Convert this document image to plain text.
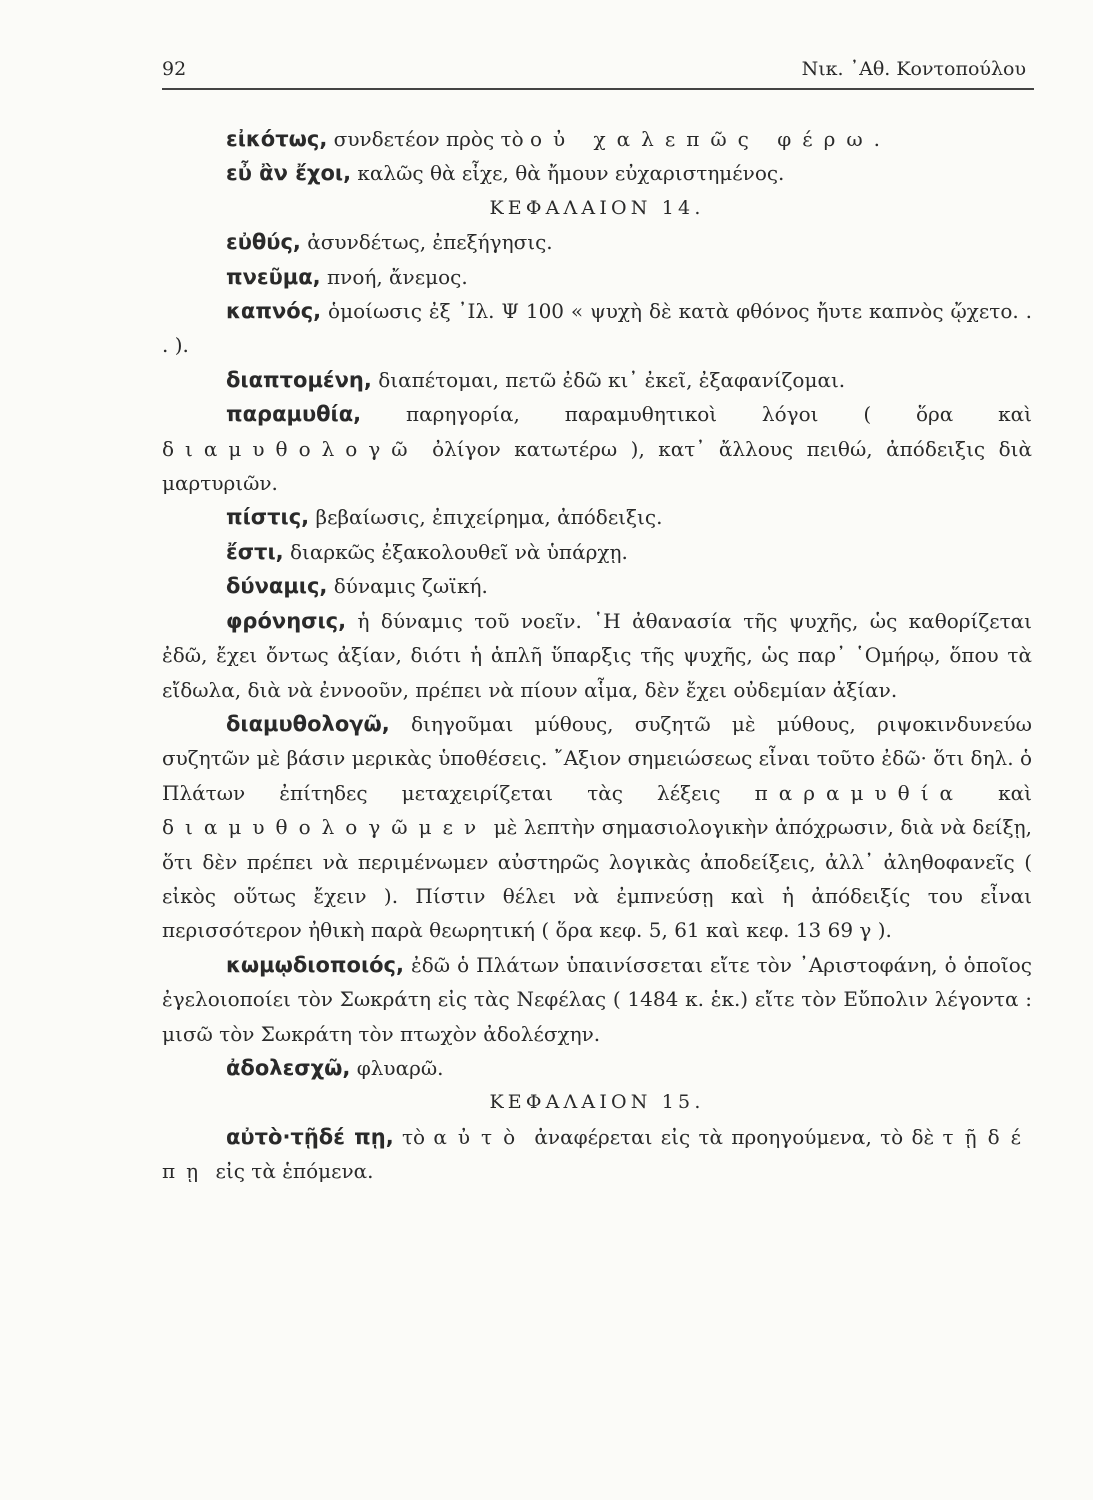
92	Νικ. ᾿Αθ. Κοντοπούλου

εἰκότως, συνδετέον πρὸς τὸ οὐ χαλεπῶς φέρω.

εὖ ἂν ἔχοι, καλῶς θὰ εἶχε, θὰ ἤμουν εὐχαριστημένος.

ΚΕΦΑΛΑΙΟΝ 14.

εὐθύς, ἀσυνδέτως, ἐπεξήγησις.

πνεῦμα, πνοή, ἄνεμος.

καπνός, ὁμοίωσις ἐξ ᾿Ιλ. Ψ 100 « ψυχὴ δὲ κατὰ φθόνος ἤυτε καπνὸς ᾤχετο. . . ).

διαπτομένη, διαπέτομαι, πετῶ ἐδῶ κι᾿ ἐκεῖ, ἐξαφανίζομαι.

παραμυθία, παρηγορία, παραμυθητικοὶ λόγοι ( ὅρα καὶ διαμυθολογῶ ὀλίγον κατωτέρω ), κατ᾿ ἄλλους πειθώ, ἀπόδειξις διὰ μαρτυριῶν.

πίστις, βεβαίωσις, ἐπιχείρημα, ἀπόδειξις.

ἔστι, διαρκῶς ἐξακολουθεῖ νὰ ὑπάρχῃ.

δύναμις, δύναμις ζωϊκή.

φρόνησις, ἡ δύναμις τοῦ νοεῖν. ῾Η ἀθανασία τῆς ψυχῆς, ὡς καθορίζεται ἐδῶ, ἔχει ὄντως ἀξίαν, διότι ἡ ἁπλῆ ὕπαρξις τῆς ψυχῆς, ὡς παρ᾿ ῾Ομήρῳ, ὅπου τὰ εἴδωλα, διὰ νὰ ἐννοοῦν, πρέπει νὰ πίουν αἷμα, δὲν ἔχει οὐδεμίαν ἀξίαν.

διαμυθολογῶ, διηγοῦμαι μύθους, συζητῶ μὲ μύθους, ριψοκινδυνεύω συζητῶν μὲ βάσιν μερικὰς ὑποθέσεις. ῎Αξιον σημειώσεως εἶναι τοῦτο ἐδῶ· ὅτι δηλ. ὁ Πλάτων ἐπίτηδες μεταχειρίζεται τὰς λέξεις παραμυθία καὶ διαμυθολογῶμεν μὲ λεπτὴν σημασιολογικὴν ἀπόχρωσιν, διὰ νὰ δείξῃ, ὅτι δὲν πρέπει νὰ περιμένωμεν αὐστηρῶς λογικὰς ἀποδείξεις, ἀλλ᾿ ἀληθοφανεῖς ( εἰκὸς οὕτως ἔχειν ). Πίστιν θέλει νὰ ἐμπνεύσῃ καὶ ἡ ἀπόδειξίς του εἶναι περισσότερον ἠθικὴ παρὰ θεωρητική ( ὅρα κεφ. 5, 61 καὶ κεφ. 13 69 γ ).

κωμῳδιοποιός, ἐδῶ ὁ Πλάτων ὑπαινίσσεται εἴτε τὸν ᾿Αριστοφάνη, ὁ ὁποῖος ἐγελοιοποίει τὸν Σωκράτη εἰς τὰς Νεφέλας ( 1484 κ. ἑκ.) εἴτε τὸν Εὔπολιν λέγοντα : μισῶ τὸν Σωκράτη τὸν πτωχὸν ἀδολέσχην.

ἀδολεσχῶ, φλυαρῶ.

ΚΕΦΑΛΑΙΟΝ 15.

αὐτὸ·τῇδέ πῃ, τὸ αὐτὸ ἀναφέρεται εἰς τὰ προηγούμενα, τὸ δὲ τῇδέ πῃ εἰς τὰ ἑπόμενα.
